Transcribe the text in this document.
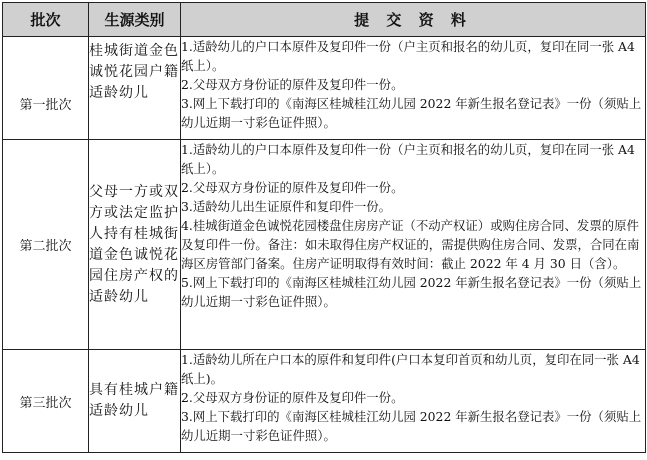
批次	生源类别	提 交 资 料
第一批次	桂城街道金色诚悦花园户籍适龄幼儿	1.适龄幼儿的户口本原件及复印件一份（户主页和报名的幼儿页，复印在同一张 A4 纸上）。
2.父母双方身份证的原件及复印件一份。
3.网上下载打印的《南海区桂城桂江幼儿园 2022 年新生报名登记表》一份（须贴上幼儿近期一寸彩色证件照）。

第二批次	父母一方或双方或法定监护人持有桂城街道金色诚悦花园住房产权的适龄幼儿	1.适龄幼儿的户口本原件及复印件一份（户主页和报名的幼儿页，复印在同一张 A4 纸上）。
2.父母双方身份证的原件及复印件一份。
3.适龄幼儿出生证原件和复印件一份。
4.桂城街道金色诚悦花园楼盘住房房产证（不动产权证）或购住房合同、发票的原件及复印件一份。备注：如未取得住房产权证的，需提供购住房合同、发票，合同在南海区房管部门备案。住房产证明取得有效时间：截止 2022 年 4 月 30 日（含）。
5.网上下载打印的《南海区桂城桂江幼儿园 2022 年新生报名登记表》一份（须贴上幼儿近期一寸彩色证件照）。

第三批次	具有桂城户籍适龄幼儿	1.适龄幼儿所在户口本的原件和复印件(户口本复印首页和幼儿页，复印在同一张 A4 纸上)。
2.父母双方身份证的原件及复印件一份。
3.网上下载打印的《南海区桂城桂江幼儿园 2022 年新生报名登记表》一份（须贴上幼儿近期一寸彩色证件照）。
